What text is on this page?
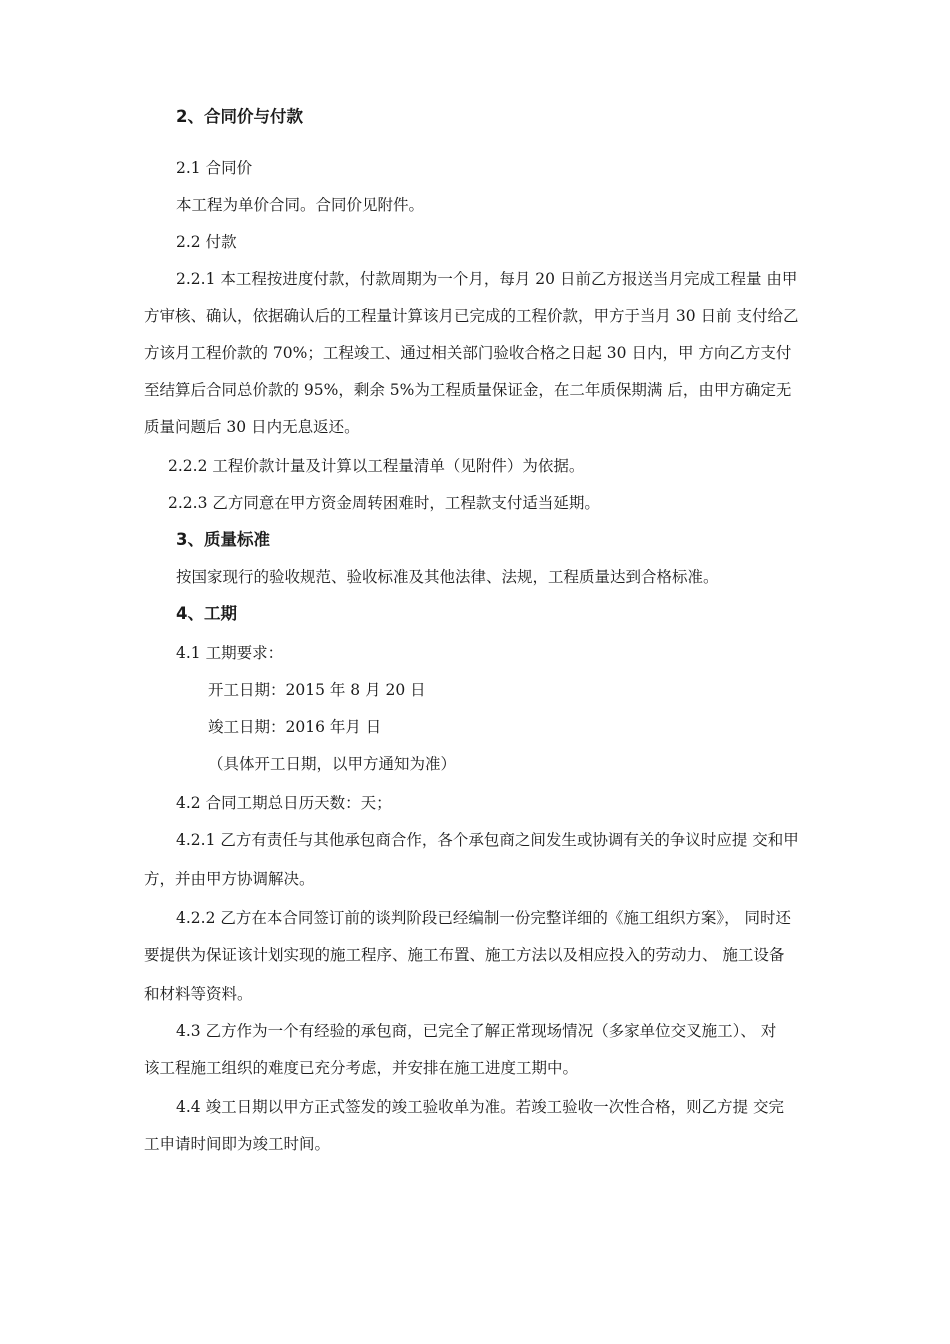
2、合同价与付款
2.1 合同价
本工程为单价合同。合同价见附件。
2.2 付款
2.2.1 本工程按进度付款，付款周期为一个月，每月 20 日前乙方报送当月完成工程量 由甲
方审核、确认，依据确认后的工程量计算该月已完成的工程价款，甲方于当月 30 日前 支付给乙
方该月工程价款的 70%；工程竣工、通过相关部门验收合格之日起 30 日内，甲 方向乙方支付
至结算后合同总价款的 95%，剩余 5%为工程质量保证金，在二年质保期满 后，由甲方确定无
质量问题后 30 日内无息返还。
2.2.2 工程价款计量及计算以工程量清单（见附件）为依据。
2.2.3 乙方同意在甲方资金周转困难时，工程款支付适当延期。
3、质量标准
按国家现行的验收规范、验收标准及其他法律、法规，工程质量达到合格标准。
4、工期
4.1 工期要求：
开工日期：2015 年 8 月 20 日
竣工日期：2016 年月 日
（具体开工日期，以甲方通知为准）
4.2 合同工期总日历天数：天；
4.2.1 乙方有责任与其他承包商合作，各个承包商之间发生或协调有关的争议时应提 交和甲
方，并由甲方协调解决。
4.2.2 乙方在本合同签订前的谈判阶段已经编制一份完整详细的《施工组织方案》， 同时还
要提供为保证该计划实现的施工程序、施工布置、施工方法以及相应投入的劳动力、 施工设备
和材料等资料。
4.3 乙方作为一个有经验的承包商，已完全了解正常现场情况（多家单位交叉施工）、 对
该工程施工组织的难度已充分考虑，并安排在施工进度工期中。
4.4 竣工日期以甲方正式签发的竣工验收单为准。若竣工验收一次性合格，则乙方提 交完
工申请时间即为竣工时间。
